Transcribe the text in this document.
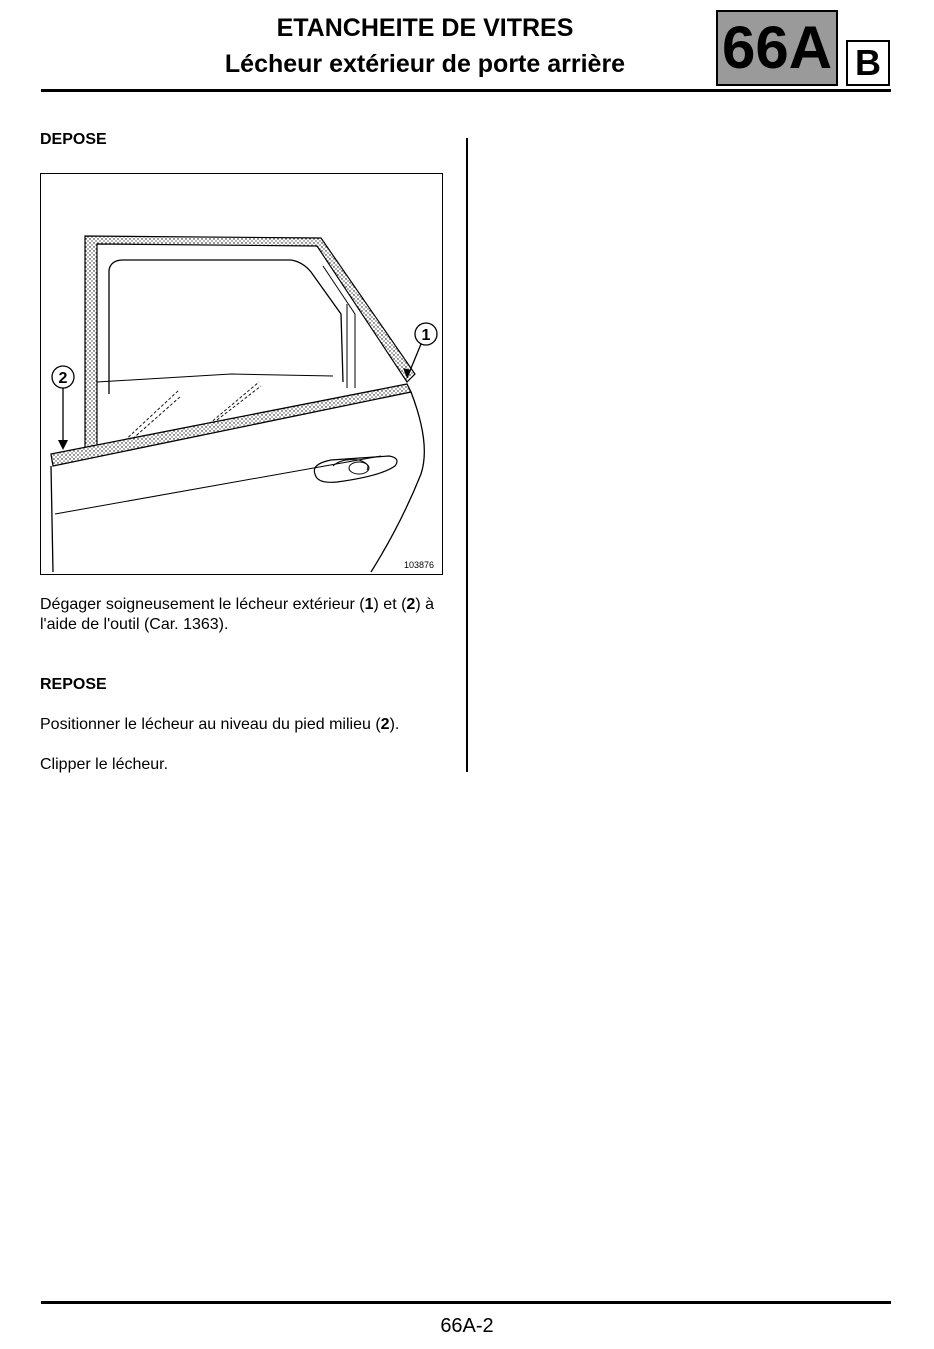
ETANCHEITE DE VITRES
Lécheur extérieur de porte arrière	66A B
DEPOSE
1
2
103876
Dégager soigneusement le lécheur extérieur (1) et (2) à l'aide de l'outil (Car. 1363).
REPOSE
Positionner le lécheur au niveau du pied milieu (2).
Clipper le lécheur.
66A-2
